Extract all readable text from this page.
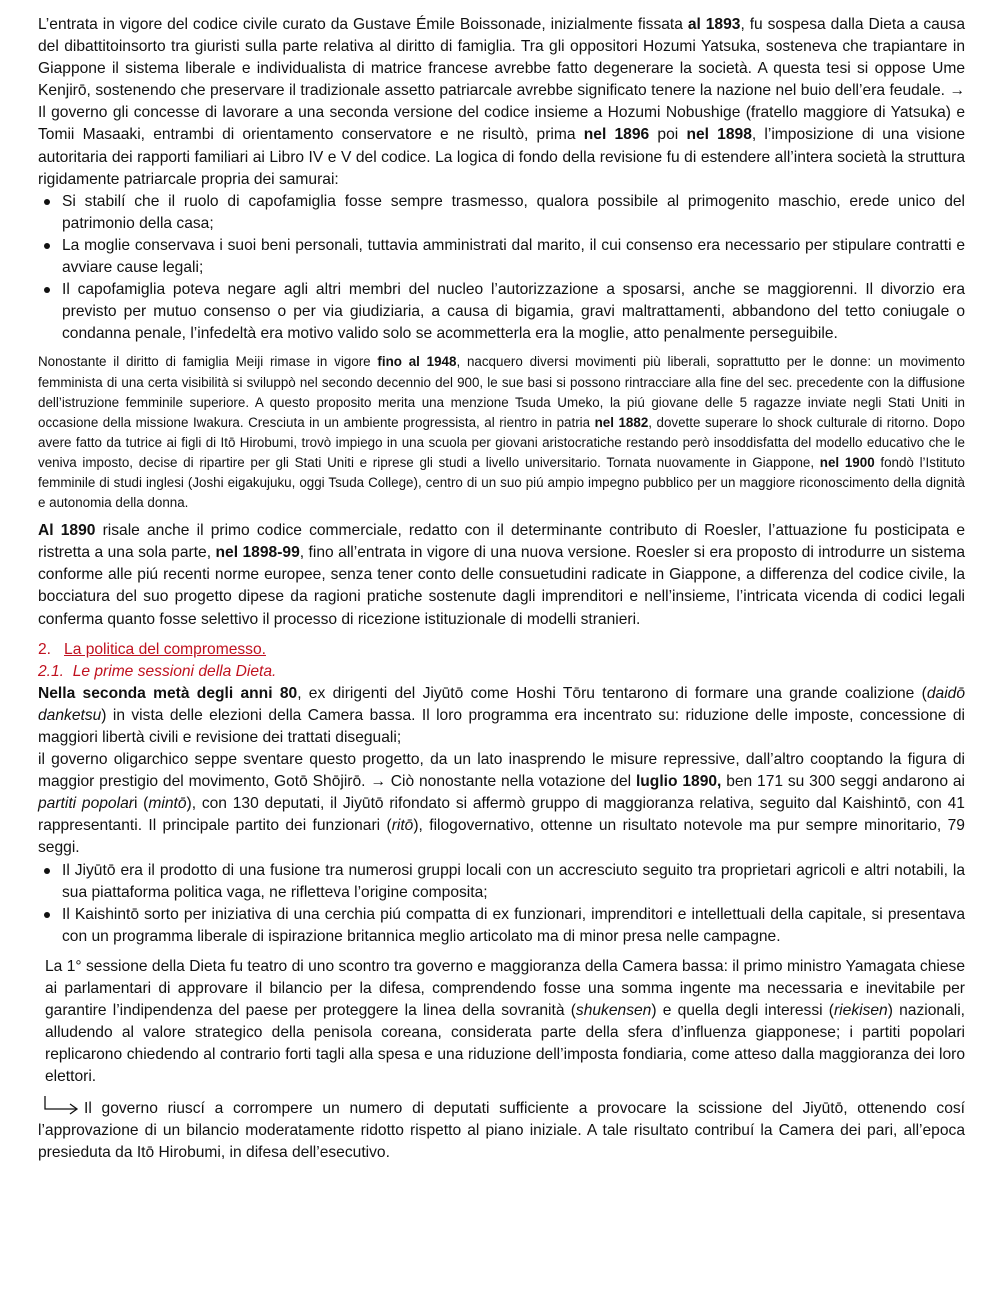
L’entrata in vigore del codice civile curato da Gustave Émile Boissonade, inizialmente fissata al 1893, fu sospesa dalla Dieta a causa del dibattitoinsorto tra giuristi sulla parte relativa al diritto di famiglia. Tra gli oppositori Hozumi Yatsuka, sosteneva che trapiantare in Giappone il sistema liberale e individualista di matrice francese avrebbe fatto degenerare la società. A questa tesi si oppose Ume Kenjirō, sostenendo che preservare il tradizionale assetto patriarcale avrebbe significato tenere la nazione nel buio dell’era feudale. → Il governo gli concesse di lavorare a una seconda versione del codice insieme a Hozumi Nobushige (fratello maggiore di Yatsuka) e Tomii Masaaki, entrambi di orientamento conservatore e ne risultò, prima nel 1896 poi nel 1898, l’imposizione di una visione autoritaria dei rapporti familiari ai Libro IV e V del codice. La logica di fondo della revisione fu di estendere all’intera società la struttura rigidamente patriarcale propria dei samurai:

Si stabilí che il ruolo di capofamiglia fosse sempre trasmesso, qualora possibile al primogenito maschio, erede unico del patrimonio della casa;
La moglie conservava i suoi beni personali, tuttavia amministrati dal marito, il cui consenso era necessario per stipulare contratti e avviare cause legali;
Il capofamiglia poteva negare agli altri membri del nucleo l’autorizzazione a sposarsi, anche se maggiorenni. Il divorzio era previsto per mutuo consenso o per via giudiziaria, a causa di bigamia, gravi maltrattamenti, abbandono del tetto coniugale o condanna penale, l’infedeltà era motivo valido solo se acommetterla era la moglie, atto penalmente perseguibile.

Nonostante il diritto di famiglia Meiji rimase in vigore fino al 1948, nacquero diversi movimenti più liberali, soprattutto per le donne: un movimento femminista di una certa visibilità si sviluppò nel secondo decennio del 900, le sue basi si possono rintracciare alla fine del sec. precedente con la diffusione dell’istruzione femminile superiore. A questo proposito merita una menzione Tsuda Umeko, la piú giovane delle 5 ragazze inviate negli Stati Uniti in occasione della missione Iwakura. Cresciuta in un ambiente progressista, al rientro in patria nel 1882, dovette superare lo shock culturale di ritorno. Dopo avere fatto da tutrice ai figli di Itō Hirobumi, trovò impiego in una scuola per giovani aristocratiche restando però insoddisfatta del modello educativo che le veniva imposto, decise di ripartire per gli Stati Uniti e riprese gli studi a livello universitario. Tornata nuovamente in Giappone, nel 1900 fondò l’Istituto femminile di studi inglesi (Joshi eigakujuku, oggi Tsuda College), centro di un suo piú ampio impegno pubblico per un maggiore riconoscimento della dignità e autonomia della donna.

Al 1890 risale anche il primo codice commerciale, redatto con il determinante contributo di Roesler, l’attuazione fu posticipata e ristretta a una sola parte, nel 1898-99, fino all’entrata in vigore di una nuova versione. Roesler si era proposto di introdurre un sistema conforme alle piú recenti norme europee, senza tener conto delle consuetudini radicate in Giappone, a differenza del codice civile, la bocciatura del suo progetto dipese da ragioni pratiche sostenute dagli imprenditori e nell’insieme, l’intricata vicenda di codici legali conferma quanto fosse selettivo il processo di ricezione istituzionale di modelli stranieri.

2. La politica del compromesso.

2.1. Le prime sessioni della Dieta.

Nella seconda metà degli anni 80, ex dirigenti del Jiyūtō come Hoshi Tōru tentarono di formare una grande coalizione (daidō danketsu) in vista delle elezioni della Camera bassa. Il loro programma era incentrato su: riduzione delle imposte, concessione di maggiori libertà civili e revisione dei trattati diseguali;

il governo oligarchico seppe sventare questo progetto, da un lato inasprendo le misure repressive, dall’altro cooptando la figura di maggior prestigio del movimento, Gotō Shōjirō. → Ciò nonostante nella votazione del luglio 1890, ben 171 su 300 seggi andarono ai partiti popolari (mintō), con 130 deputati, il Jiyūtō rifondato si affermò gruppo di maggioranza relativa, seguito dal Kaishintō, con 41 rappresentanti. Il principale partito dei funzionari (ritō), filogovernativo, ottenne un risultato notevole ma pur sempre minoritario, 79 seggi.

Il Jiyūtō era il prodotto di una fusione tra numerosi gruppi locali con un accresciuto seguito tra proprietari agricoli e altri notabili, la sua piattaforma politica vaga, ne rifletteva l’origine composita;
Il Kaishintō sorto per iniziativa di una cerchia piú compatta di ex funzionari, imprenditori e intellettuali della capitale, si presentava con un programma liberale di ispirazione britannica meglio articolato ma di minor presa nelle campagne.

La 1° sessione della Dieta fu teatro di uno scontro tra governo e maggioranza della Camera bassa: il primo ministro Yamagata chiese ai parlamentari di approvare il bilancio per la difesa, comprendendo fosse una somma ingente ma necessaria e inevitabile per garantire l’indipendenza del paese per proteggere la linea della sovranità (shukensen) e quella degli interessi (riekisen) nazionali, alludendo al valore strategico della penisola coreana, considerata parte della sfera d’influenza giapponese; i partiti popolari replicarono chiedendo al contrario forti tagli alla spesa e una riduzione dell’imposta fondiaria, come atteso dalla maggioranza dei loro elettori.

Il governo riuscí a corrompere un numero di deputati sufficiente a provocare la scissione del Jiyūtō, ottenendo cosí l’approvazione di un bilancio moderatamente ridotto rispetto al piano iniziale. A tale risultato contribuí la Camera dei pari, all’epoca presieduta da Itō Hirobumi, in difesa dell’esecutivo.
